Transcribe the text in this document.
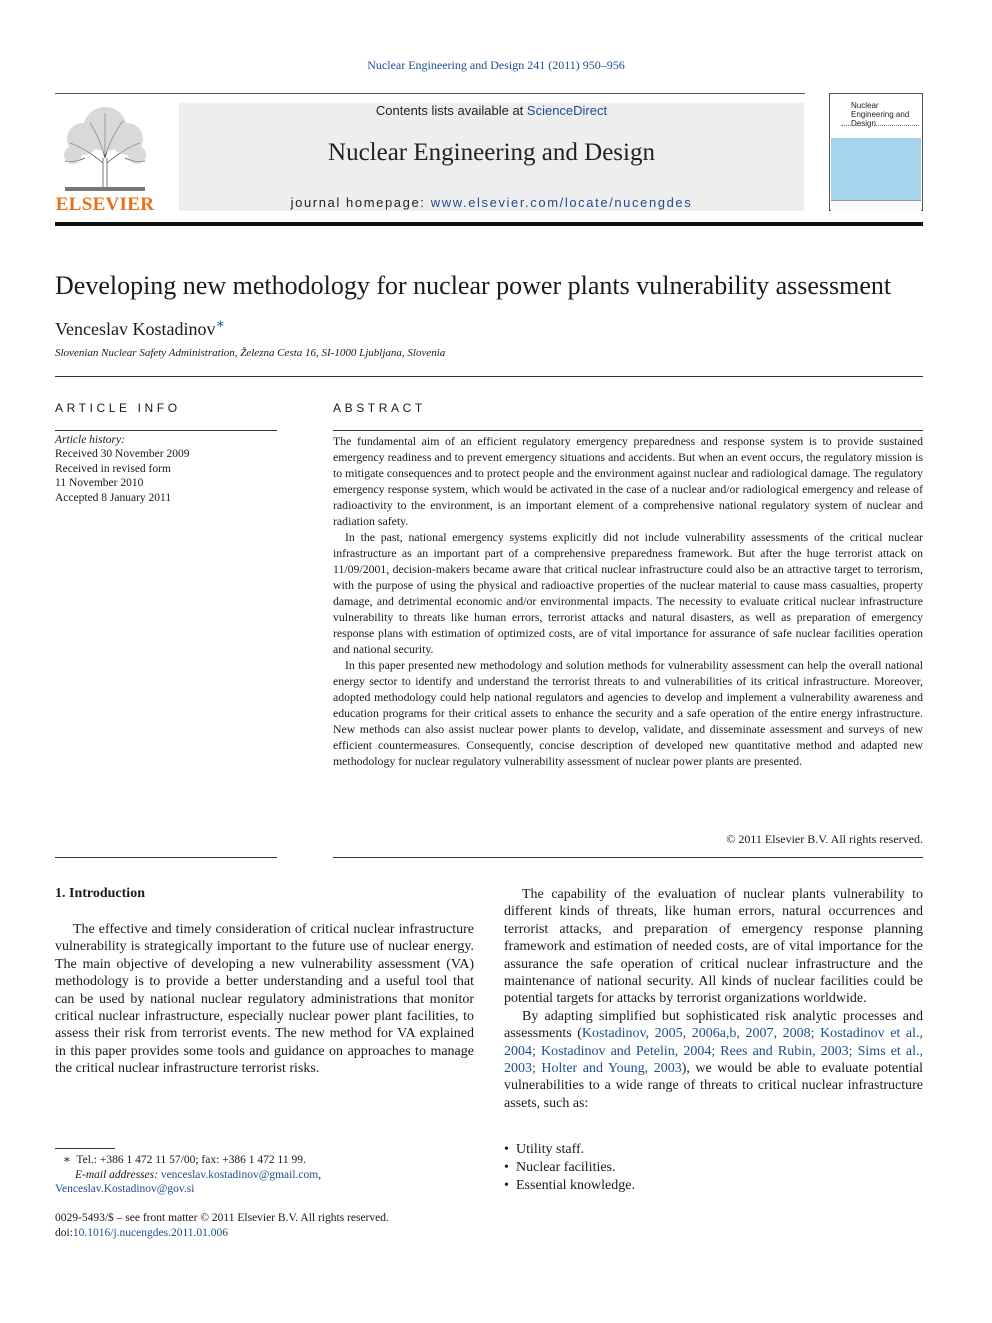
Nuclear Engineering and Design 241 (2011) 950–956
ELSEVIER
Contents lists available at ScienceDirect
Nuclear Engineering and Design
journal homepage: www.elsevier.com/locate/nucengdes
Nuclear Engineering and Design
Developing new methodology for nuclear power plants vulnerability assessment
Venceslav Kostadinov∗
Slovenian Nuclear Safety Administration, Železna Cesta 16, SI-1000 Ljubljana, Slovenia
ARTICLE INFO	ABSTRACT
Article history:
Received 30 November 2009
Received in revised form
11 November 2010
Accepted 8 January 2011

The fundamental aim of an efficient regulatory emergency preparedness and response system is to provide sustained emergency readiness and to prevent emergency situations and accidents. But when an event occurs, the regulatory mission is to mitigate consequences and to protect people and the environment against nuclear and radiological damage. The regulatory emergency response system, which would be activated in the case of a nuclear and/or radiological emergency and release of radioactivity to the environment, is an important element of a comprehensive national regulatory system of nuclear and radiation safety.

In the past, national emergency systems explicitly did not include vulnerability assessments of the critical nuclear infrastructure as an important part of a comprehensive preparedness framework. But after the huge terrorist attack on 11/09/2001, decision-makers became aware that critical nuclear infrastructure could also be an attractive target to terrorism, with the purpose of using the physical and radioactive properties of the nuclear material to cause mass casualties, property damage, and detrimental economic and/or environmental impacts. The necessity to evaluate critical nuclear infrastructure vulnerability to threats like human errors, terrorist attacks and natural disasters, as well as preparation of emergency response plans with estimation of optimized costs, are of vital importance for assurance of safe nuclear facilities operation and national security.

In this paper presented new methodology and solution methods for vulnerability assessment can help the overall national energy sector to identify and understand the terrorist threats to and vulnerabilities of its critical infrastructure. Moreover, adopted methodology could help national regulators and agencies to develop and implement a vulnerability awareness and education programs for their critical assets to enhance the security and a safe operation of the entire energy infrastructure. New methods can also assist nuclear power plants to develop, validate, and disseminate assessment and surveys of new efficient countermeasures. Consequently, concise description of developed new quantitative method and adapted new methodology for nuclear regulatory vulnerability assessment of nuclear power plants are presented.

© 2011 Elsevier B.V. All rights reserved.
1. Introduction

The effective and timely consideration of critical nuclear infrastructure vulnerability is strategically important to the future use of nuclear energy. The main objective of developing a new vulnerability assessment (VA) methodology is to provide a better understanding and a useful tool that can be used by national nuclear regulatory administrations that monitor critical nuclear infrastructure, especially nuclear power plant facilities, to assess their risk from terrorist events. The new method for VA explained in this paper provides some tools and guidance on approaches to manage the critical nuclear infrastructure terrorist risks.

The capability of the evaluation of nuclear plants vulnerability to different kinds of threats, like human errors, natural occurrences and terrorist attacks, and preparation of emergency response planning framework and estimation of needed costs, are of vital importance for the assurance the safe operation of critical nuclear infrastructure and the maintenance of national security. All kinds of nuclear facilities could be potential targets for attacks by terrorist organizations worldwide.

By adapting simplified but sophisticated risk analytic processes and assessments (Kostadinov, 2005, 2006a,b, 2007, 2008; Kostadinov et al., 2004; Kostadinov and Petelin, 2004; Rees and Rubin, 2003; Sims et al., 2003; Holter and Young, 2003), we would be able to evaluate potential vulnerabilities to a wide range of threats to critical nuclear infrastructure assets, such as:

• Utility staff.
• Nuclear facilities.
• Essential knowledge.
∗ Tel.: +386 1 472 11 57/00; fax: +386 1 472 11 99.
E-mail addresses: venceslav.kostadinov@gmail.com,
Venceslav.Kostadinov@gov.si
0029-5493/$ – see front matter © 2011 Elsevier B.V. All rights reserved.
doi:10.1016/j.nucengdes.2011.01.006
